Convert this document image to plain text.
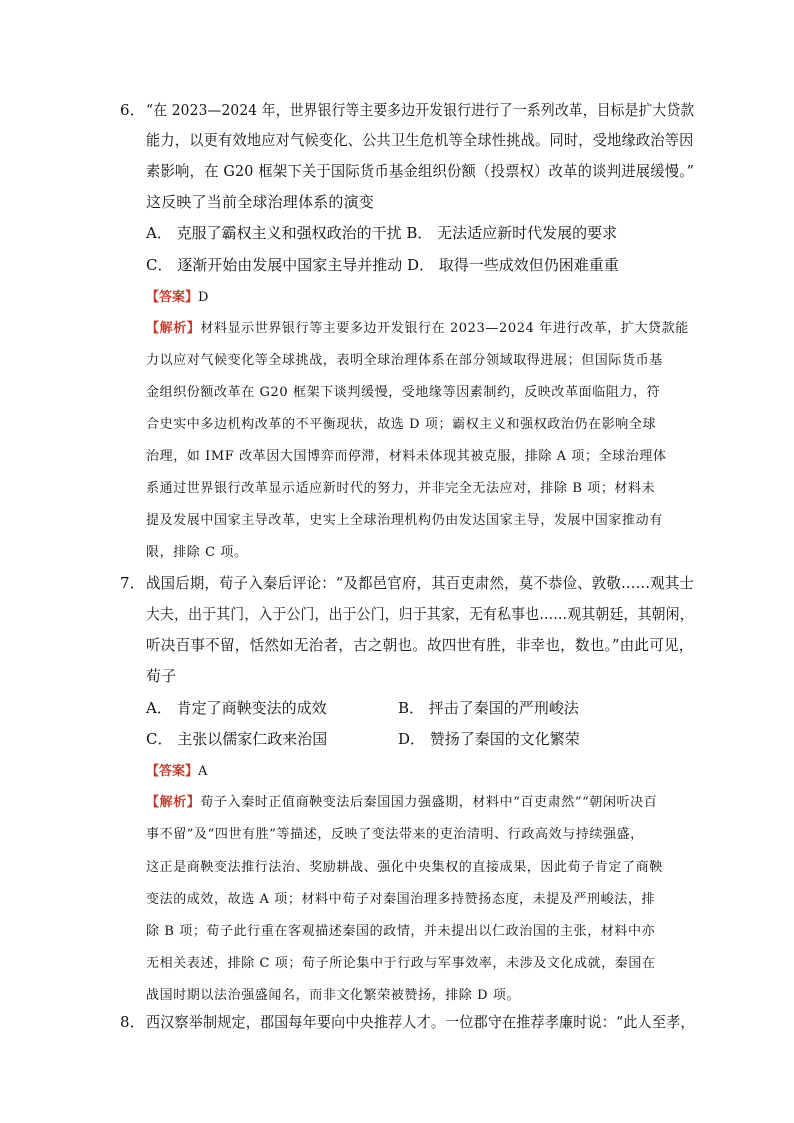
6． “在 2023—2024 年，世界银行等主要多边开发银行进行了一系列改革，目标是扩大贷款
能力，以更有效地应对气候变化、公共卫生危机等全球性挑战。同时，受地缘政治等因
素影响，在 G20 框架下关于国际货币基金组织份额（投票权）改革的谈判进展缓慢。”
这反映了当前全球治理体系的演变
A． 克服了霸权主义和强权政治的干扰 B． 无法适应新时代发展的要求
C． 逐渐开始由发展中国家主导并推动 D． 取得一些成效但仍困难重重
【答案】D
【解析】材料显示世界银行等主要多边开发银行在 2023—2024 年进行改革，扩大贷款能
力以应对气候变化等全球挑战，表明全球治理体系在部分领域取得进展；但国际货币基
金组织份额改革在 G20 框架下谈判缓慢，受地缘等因素制约，反映改革面临阻力，符
合史实中多边机构改革的不平衡现状，故选 D 项；霸权主义和强权政治仍在影响全球
治理，如 IMF 改革因大国博弈而停滞，材料未体现其被克服，排除 A 项；全球治理体
系通过世界银行改革显示适应新时代的努力，并非完全无法应对，排除 B 项；材料未
提及发展中国家主导改革，史实上全球治理机构仍由发达国家主导，发展中国家推动有
限，排除 C 项。
7． 战国后期，荀子入秦后评论：“及都邑官府，其百吏肃然，莫不恭俭、敦敬……观其士
大夫，出于其门，入于公门，出于公门，归于其家，无有私事也……观其朝廷，其朝闲，
听决百事不留，恬然如无治者，古之朝也。故四世有胜，非幸也，数也。”由此可见，
荀子
A． 肯定了商鞅变法的成效	B． 抨击了秦国的严刑峻法
C． 主张以儒家仁政来治国	D． 赞扬了秦国的文化繁荣
【答案】A
【解析】荀子入秦时正值商鞅变法后秦国国力强盛期，材料中“百吏肃然”“朝闲听决百
事不留”及“四世有胜”等描述，反映了变法带来的吏治清明、行政高效与持续强盛，
这正是商鞅变法推行法治、奖励耕战、强化中央集权的直接成果，因此荀子肯定了商鞅
变法的成效，故选 A 项；材料中荀子对秦国治理多持赞扬态度，未提及严刑峻法，排
除 B 项；荀子此行重在客观描述秦国的政情，并未提出以仁政治国的主张，材料中亦
无相关表述，排除 C 项；荀子所论集中于行政与军事效率，未涉及文化成就，秦国在
战国时期以法治强盛闻名，而非文化繁荣被赞扬，排除 D 项。
8． 西汉察举制规定，郡国每年要向中央推荐人才。一位郡守在推荐孝廉时说：“此人至孝，
